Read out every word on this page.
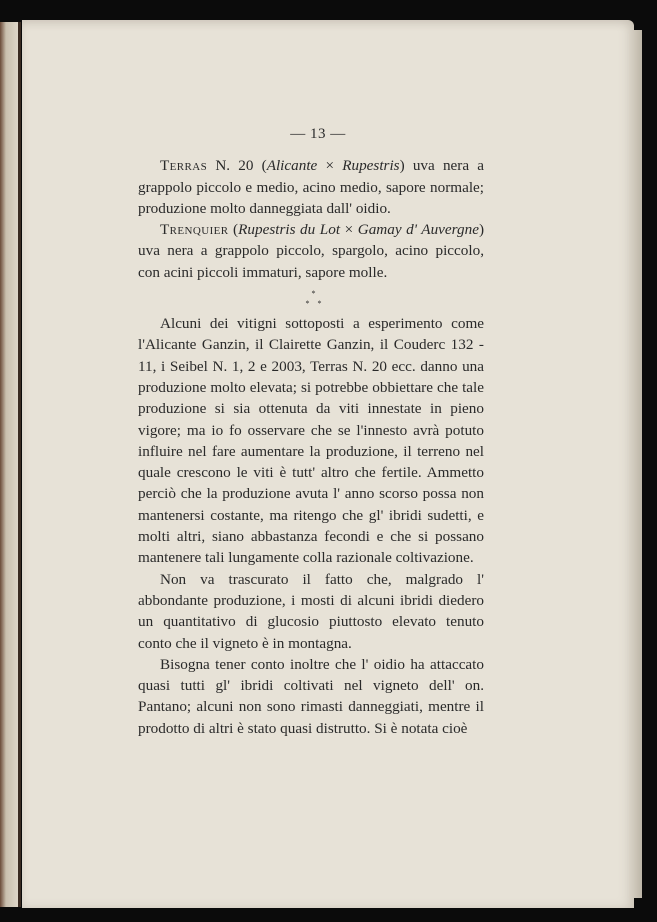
— 13 —

Terras N. 20 (Alicante × Rupestris) uva nera a grappolo piccolo e medio, acino medio, sapore normale; produzione molto danneggiata dall' oidio.

Trenquier (Rupestris du Lot × Gamay d' Auvergne) uva nera a grappolo piccolo, spargolo, acino piccolo, con acini piccoli immaturi, sapore molle.

*
* *

Alcuni dei vitigni sottoposti a esperimento come l'Alicante Ganzin, il Clairette Ganzin, il Couderc 132 - 11, i Seibel N. 1, 2 e 2003, Terras N. 20 ecc. danno una produzione molto elevata; si potrebbe obbiettare che tale produzione si sia ottenuta da viti innestate in pieno vigore; ma io fo osservare che se l'innesto avrà potuto influire nel fare aumentare la produzione, il terreno nel quale crescono le viti è tutt' altro che fertile. Ammetto perciò che la produzione avuta l' anno scorso possa non mantenersi costante, ma ritengo che gl' ibridi sudetti, e molti altri, siano abbastanza fecondi e che si possano mantenere tali lungamente colla razionale coltivazione.

Non va trascurato il fatto che, malgrado l' abbondante produzione, i mosti di alcuni ibridi diedero un quantitativo di glucosio piuttosto elevato tenuto conto che il vigneto è in montagna.

Bisogna tener conto inoltre che l' oidio ha attaccato quasi tutti gl' ibridi coltivati nel vigneto dell' on. Pantano; alcuni non sono rimasti danneggiati, mentre il prodotto di altri è stato quasi distrutto. Si è notata cioè
